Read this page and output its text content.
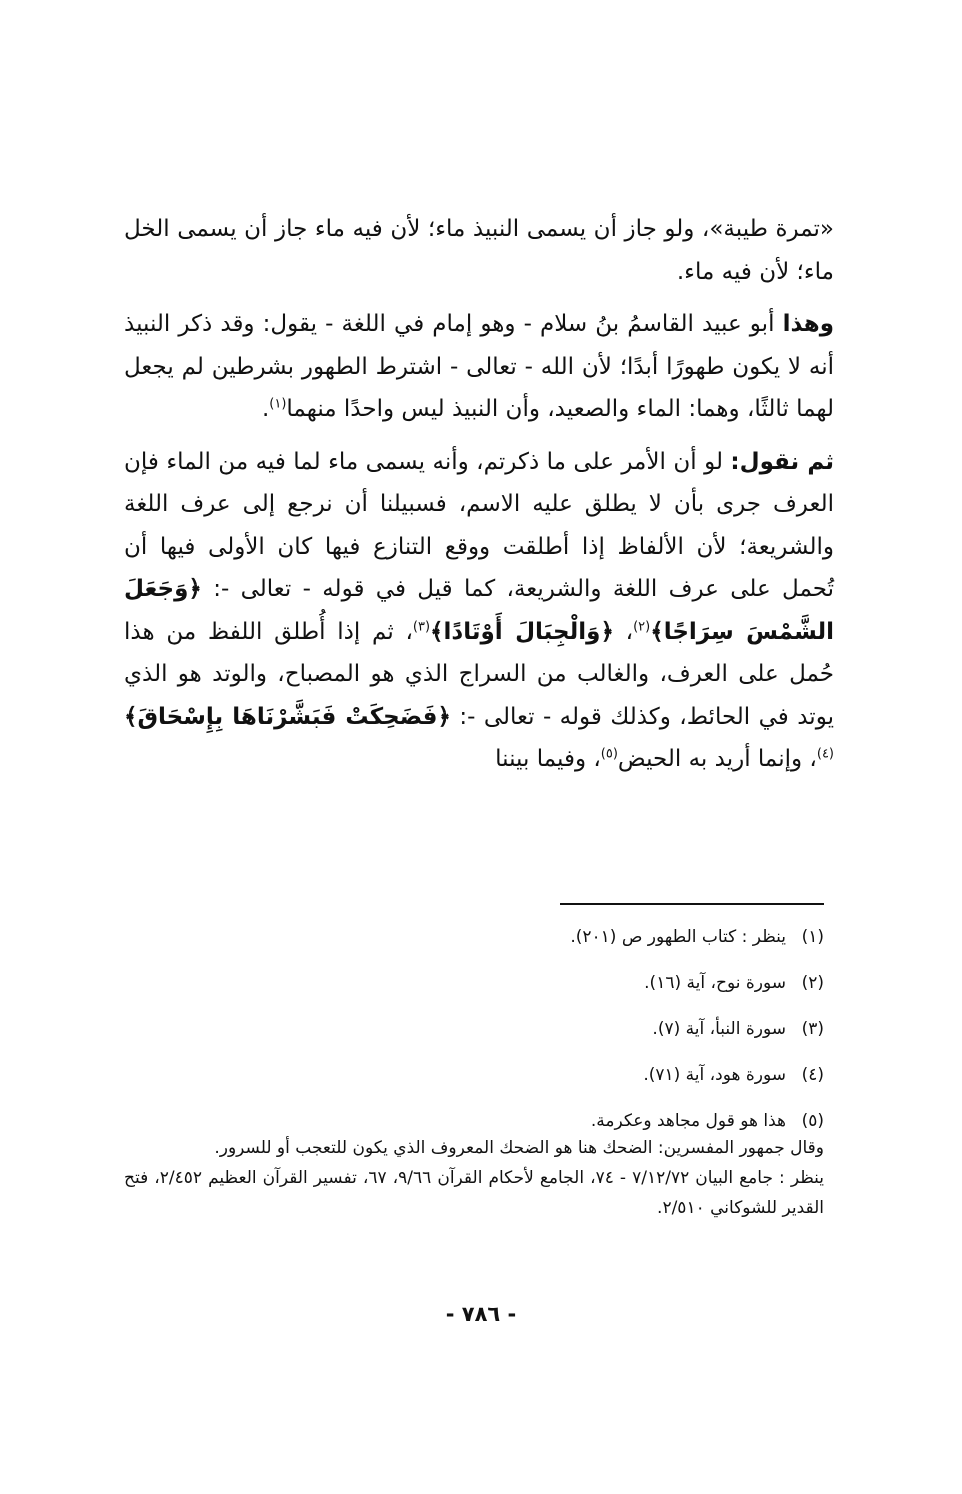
«تمرة طيبة»، ولو جاز أن يسمى النبيذ ماء؛ لأن فيه ماء جاز أن يسمى الخل ماء؛ لأن فيه ماء.

وهذا أبو عبيد القاسمُ بنُ سلام - وهو إمام في اللغة - يقول: وقد ذكر النبيذ أنه لا يكون طهورًا أبدًا؛ لأن الله - تعالى - اشترط الطهور بشرطين لم يجعل لهما ثالثًا، وهما: الماء والصعيد، وأن النبيذ ليس واحدًا منهما$^{(١)}$.

ثم نقول: لو أن الأمر على ما ذكرتم، وأنه يسمى ماء لما فيه من الماء فإن العرف جرى بأن لا يطلق عليه الاسم، فسبيلنا أن نرجع إلى عرف اللغة والشريعة؛ لأن الألفاظ إذا أطلقت ووقع التنازع فيها كان الأولى فيها أن تُحمل على عرف اللغة والشريعة، كما قيل في قوله - تعالى -: ﴿وَجَعَلَ الشَّمْسَ سِرَاجًا﴾$^{(٢)}$، ﴿وَالْجِبَالَ أَوْتَادًا﴾$^{(٣)}$، ثم إذا أُطلق اللفظ من هذا حُمل على العرف، والغالب من السراج الذي هو المصباح، والوتد هو الذي يوتد في الحائط، وكذلك قوله - تعالى -: ﴿فَضَحِكَتْ فَبَشَّرْنَاهَا بِإِسْحَاقَ﴾$^{(٤)}$، وإنما أريد به الحيض$^{(٥)}$، وفيما بيننا

(١)
ينظر : كتاب الطهور ص (٢٠١).
(٢)
سورة نوح، آية (١٦).
(٣)
سورة النبأ، آية (٧).
(٤)
سورة هود، آية (٧١).
(٥)
هذا هو قول مجاهد وعكرمة.
وقال جمهور المفسرين: الضحك هنا هو الضحك المعروف الذي يكون للتعجب أو للسرور.
ينظر : جامع البيان ٧/١٢/٧٢ - ٧٤، الجامع لأحكام القرآن ٩/٦٦، ٦٧، تفسير القرآن العظيم ٢/٤٥٢، فتح القدير للشوكاني ٢/٥١٠.
- ٧٨٦ -
